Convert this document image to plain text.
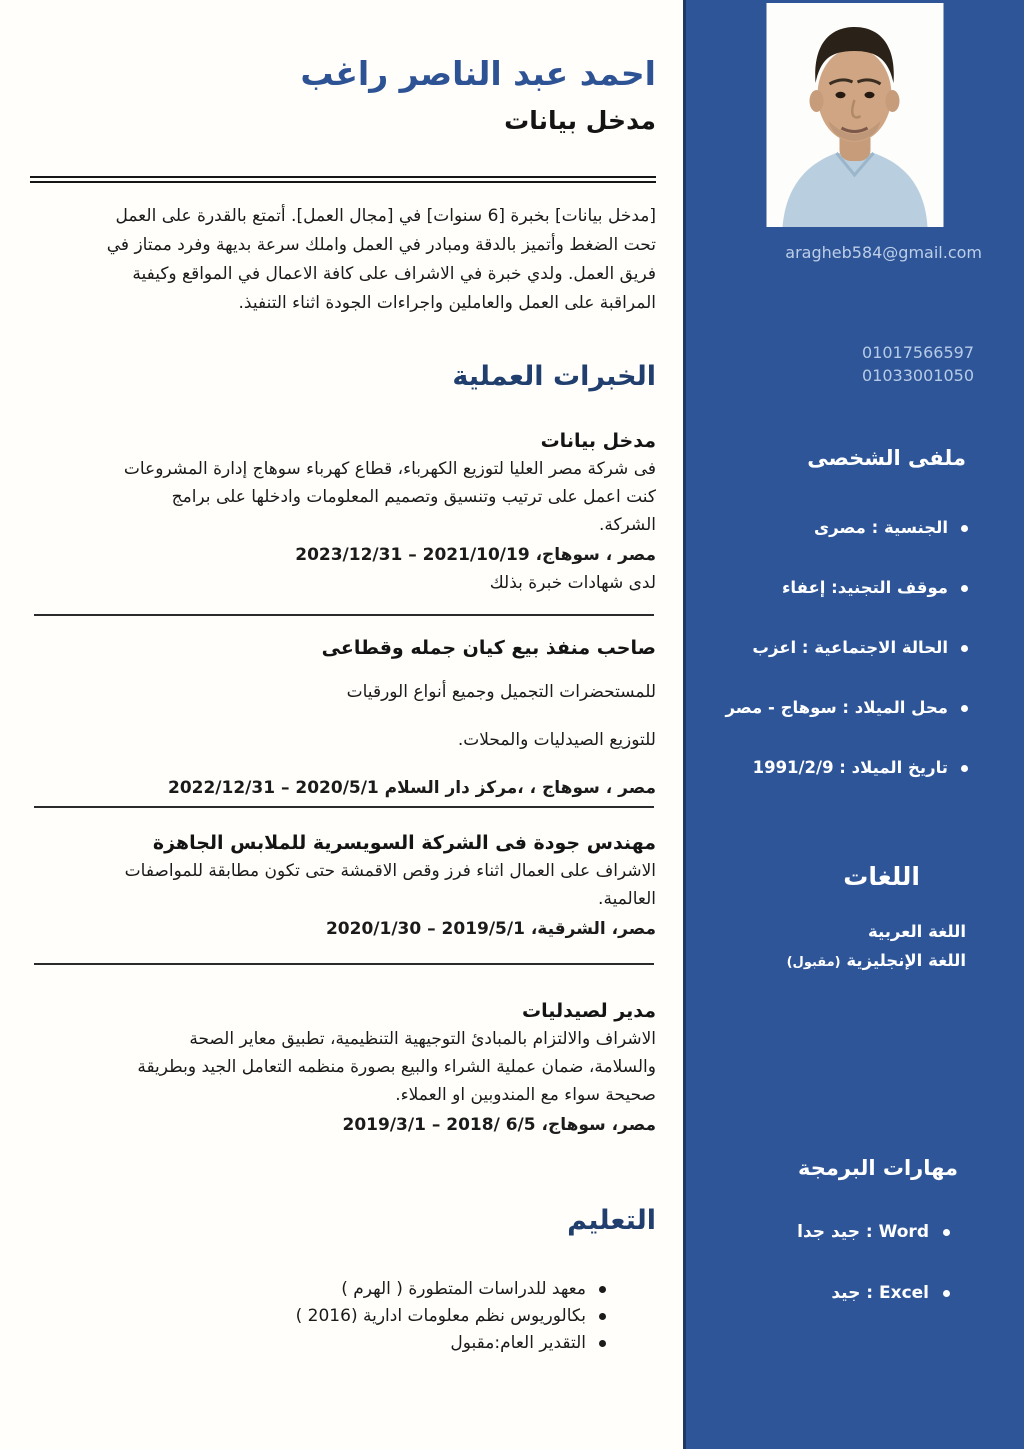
احمد عبد الناصر راغب
مدخل بيانات
[مدخل بيانات] بخبرة [6 سنوات] في [مجال العمل]. أتمتع بالقدرة على العمل
تحت الضغط وأتميز بالدقة ومبادر في العمل واملك سرعة بديهة وفرد ممتاز في
فريق العمل. ولدي خبرة في الاشراف على كافة الاعمال في المواقع وكيفية
المراقبة على العمل والعاملين واجراءات الجودة اثناء التنفيذ.
الخبرات العملية
مدخل بيانات
فى شركة مصر العليا لتوزيع الكهرباء، قطاع كهرباء سوهاج إدارة المشروعات
كنت اعمل على ترتيب وتنسيق وتصميم المعلومات وادخلها على برامج
الشركة.
مصر ، سوهاج، 2021/10/19 – 2023/12/31
لدى شهادات خبرة بذلك
صاحب منفذ بيع كيان جمله وقطاعى
للمستحضرات التجميل وجميع أنواع الورقيات
للتوزيع الصيدليات والمحلات.
مصر ، سوهاج ، ،مركز دار السلام 2020/5/1 – 2022/12/31
مهندس جودة فى الشركة السويسرية للملابس الجاهزة
الاشراف على العمال اثناء فرز وقص الاقمشة حتى تكون مطابقة للمواصفات
العالمية.
مصر، الشرقية، 2019/5/1 – 2020/1/30
مدير لصيدليات
الاشراف والالتزام بالمبادئ التوجيهية التنظيمية، تطبيق معاير الصحة
والسلامة، ضمان عملية الشراء والبيع بصورة منظمه التعامل الجيد وبطريقة
صحيحة سواء مع المندوبين او العملاء.
مصر، سوهاج، 6/5 /2018 – 2019/3/1
التعليم
معهد للدراسات المتطورة ( الهرم )
بكالوريوس نظم معلومات ادارية (2016 )
التقدير العام:مقبول
aragheb584@gmail.com
01017566597
01033001050
ملفى الشخصى
الجنسية : مصرى
موقف التجنيد: إعفاء
الحالة الاجتماعية : اعزب
محل الميلاد : سوهاج - مصر
تاريخ الميلاد : 1991/2/9
اللغات
اللغة العربية
اللغة الإنجليزية (مقبول)
مهارات البرمجة
Word : جيد جدا
Excel : جيد
